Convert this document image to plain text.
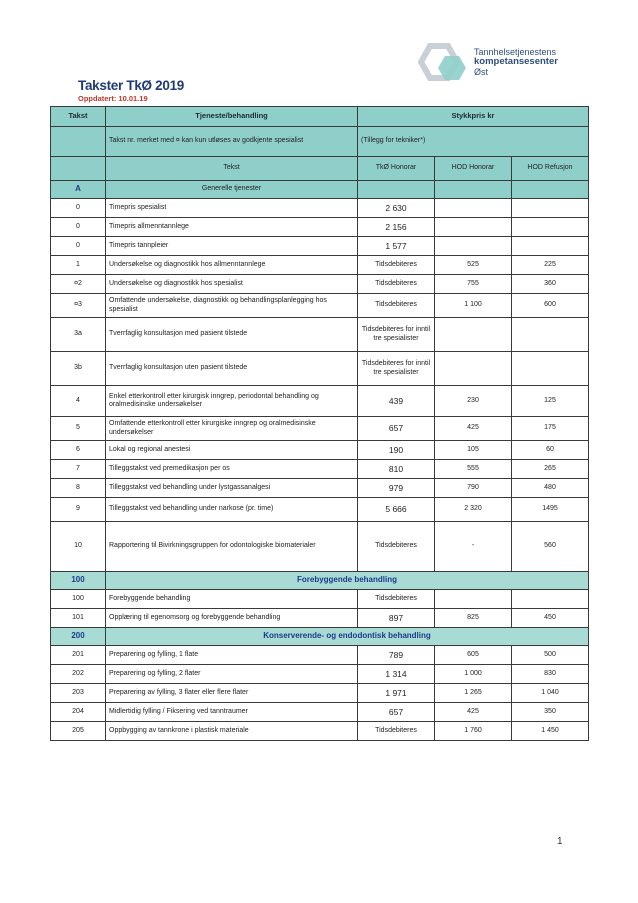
Tannhelsetjenestens
kompetansesenter
Øst
Takster TkØ 2019
Oppdatert: 10.01.19
Takst	Tjeneste/behandling	Stykkpris kr		
	Takst nr. merket med ¤ kan kun utløses av godkjente spesialist	(Tillegg for tekniker*)		
	Tekst	TkØ Honorar	HOD Honorar	HOD Refusjon
A	Generelle tjenester			
0	Timepris spesialist	2 630		
0	Timepris allmenntannlege	2 156		
0	Timepris tannpleier	1 577		
1	Undersøkelse og diagnostikk hos allmenntannlege	Tidsdebiteres	525	225
¤2	Undersøkelse og diagnostikk hos spesialist	Tidsdebiteres	755	360
¤3	Omfattende undersøkelse, diagnostikk og behandlingsplanlegging hos spesialist	Tidsdebiteres	1 100	600
3a	Tverrfaglig konsultasjon med pasient tilstede	Tidsdebiteres for inntil tre spesialister		
3b	Tverrfaglig konsultasjon uten pasient tilstede	Tidsdebiteres for inntil tre spesialister		
4	Enkel etterkontroll etter kirurgisk inngrep, periodontal behandling og oralmedisinske undersøkelser	439	230	125
5	Omfattende etterkontroll etter kirurgiske inngrep og oralmedisinske undersøkelser	657	425	175
6	Lokal og regional anestesi	190	105	60
7	Tilleggstakst ved premedikasjon per os	810	555	265
8	Tilleggstakst ved behandling under lystgassanalgesi	979	790	480
9	Tilleggstakst ved behandling under narkose (pr. time)	5 666	2 320	1495
10	Rapportering til Bivirkningsgruppen for odontologiske biomaterialer	Tidsdebiteres	-	560
100	Forebyggende behandling			
100	Forebyggende behandling	Tidsdebiteres		
101	Opplæring til egenomsorg og forebyggende behandling	897	825	450
200	Konserverende- og endodontisk behandling			
201	Preparering og fylling, 1 flate	789	605	500
202	Preparering og fylling, 2 flater	1 314	1 000	830
203	Preparering av fylling, 3 flater eller flere flater	1 971	1 265	1 040
204	Midlertidig fylling / Fiksering ved tanntraumer	657	425	350
205	Oppbygging av tannkrone i plastisk materiale	Tidsdebiteres	1 760	1 450
1
